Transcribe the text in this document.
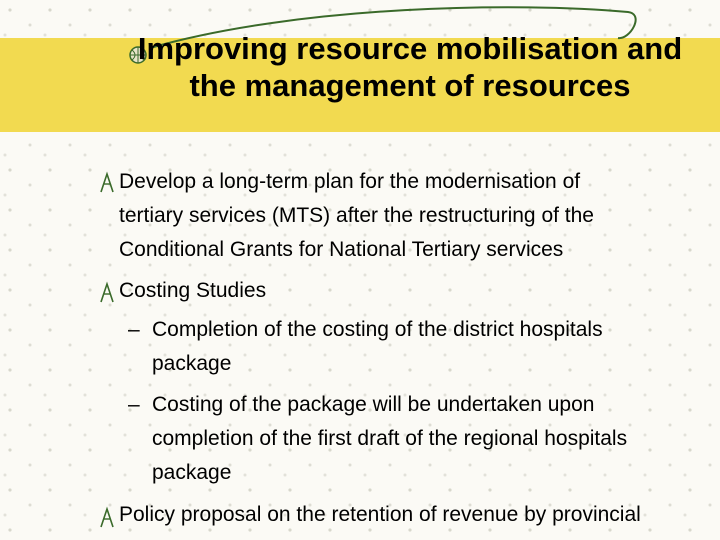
Improving resource mobilisation and the management of resources
Develop a long-term plan for the modernisation of
tertiary services (MTS) after the restructuring of the
Conditional Grants for National Tertiary services
Costing Studies
– Completion of the costing of the district hospitals
package
– Costing of the package will be undertaken upon
completion of the first draft of the regional hospitals
package
Policy proposal on the retention of revenue by provincial
